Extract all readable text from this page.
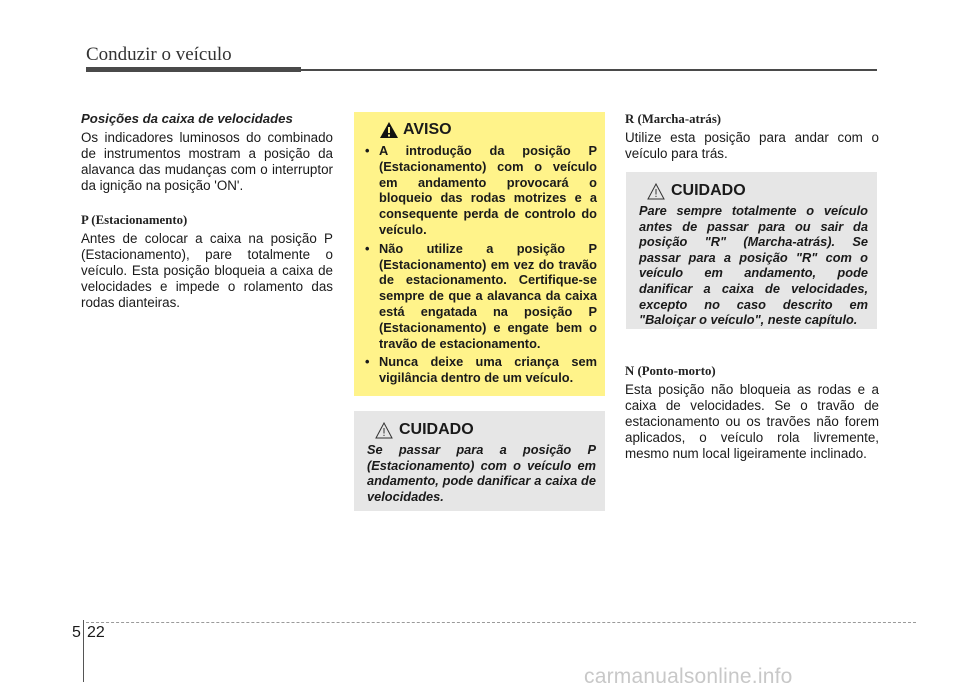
Conduzir o veículo

Posições da caixa de velocidades

Os indicadores luminosos do combinado de instrumentos mostram a posição da alavanca das mudanças com o interruptor da ignição na posição 'ON'.

P (Estacionamento)

Antes de colocar a caixa na posição P (Estacionamento), pare totalmente o veículo. Esta posição bloqueia a caixa de velocidades e impede o rolamento das rodas dianteiras.

AVISO
• A introdução da posição P (Estacionamento) com o veículo em andamento provocará o bloqueio das rodas motrizes e a consequente perda de controlo do veículo.
• Não utilize a posição P (Estacionamento) em vez do travão de estacionamento. Certifique-se sempre de que a alavanca da caixa está engatada na posição P (Estacionamento) e engate bem o travão de estacionamento.
• Nunca deixe uma criança sem vigilância dentro de um veículo.
CUIDADO

Se passar para a posição P (Estacionamento) com o veículo em andamento, pode danificar a caixa de velocidades.

R (Marcha-atrás)

Utilize esta posição para andar com o veículo para trás.

N (Ponto-morto)

Esta posição não bloqueia as rodas e a caixa de velocidades. Se o travão de estacionamento ou os travões não forem aplicados, o veículo rola livremente, mesmo num local ligeiramente inclinado.

CUIDADO

Pare sempre totalmente o veículo antes de passar para ou sair da posição "R" (Marcha-atrás). Se passar para a posição "R" com o veículo em andamento, pode danificar a caixa de velocidades, excepto no caso descrito em "Baloiçar o veículo", neste capítulo.

5 22
carmanualsonline.info
